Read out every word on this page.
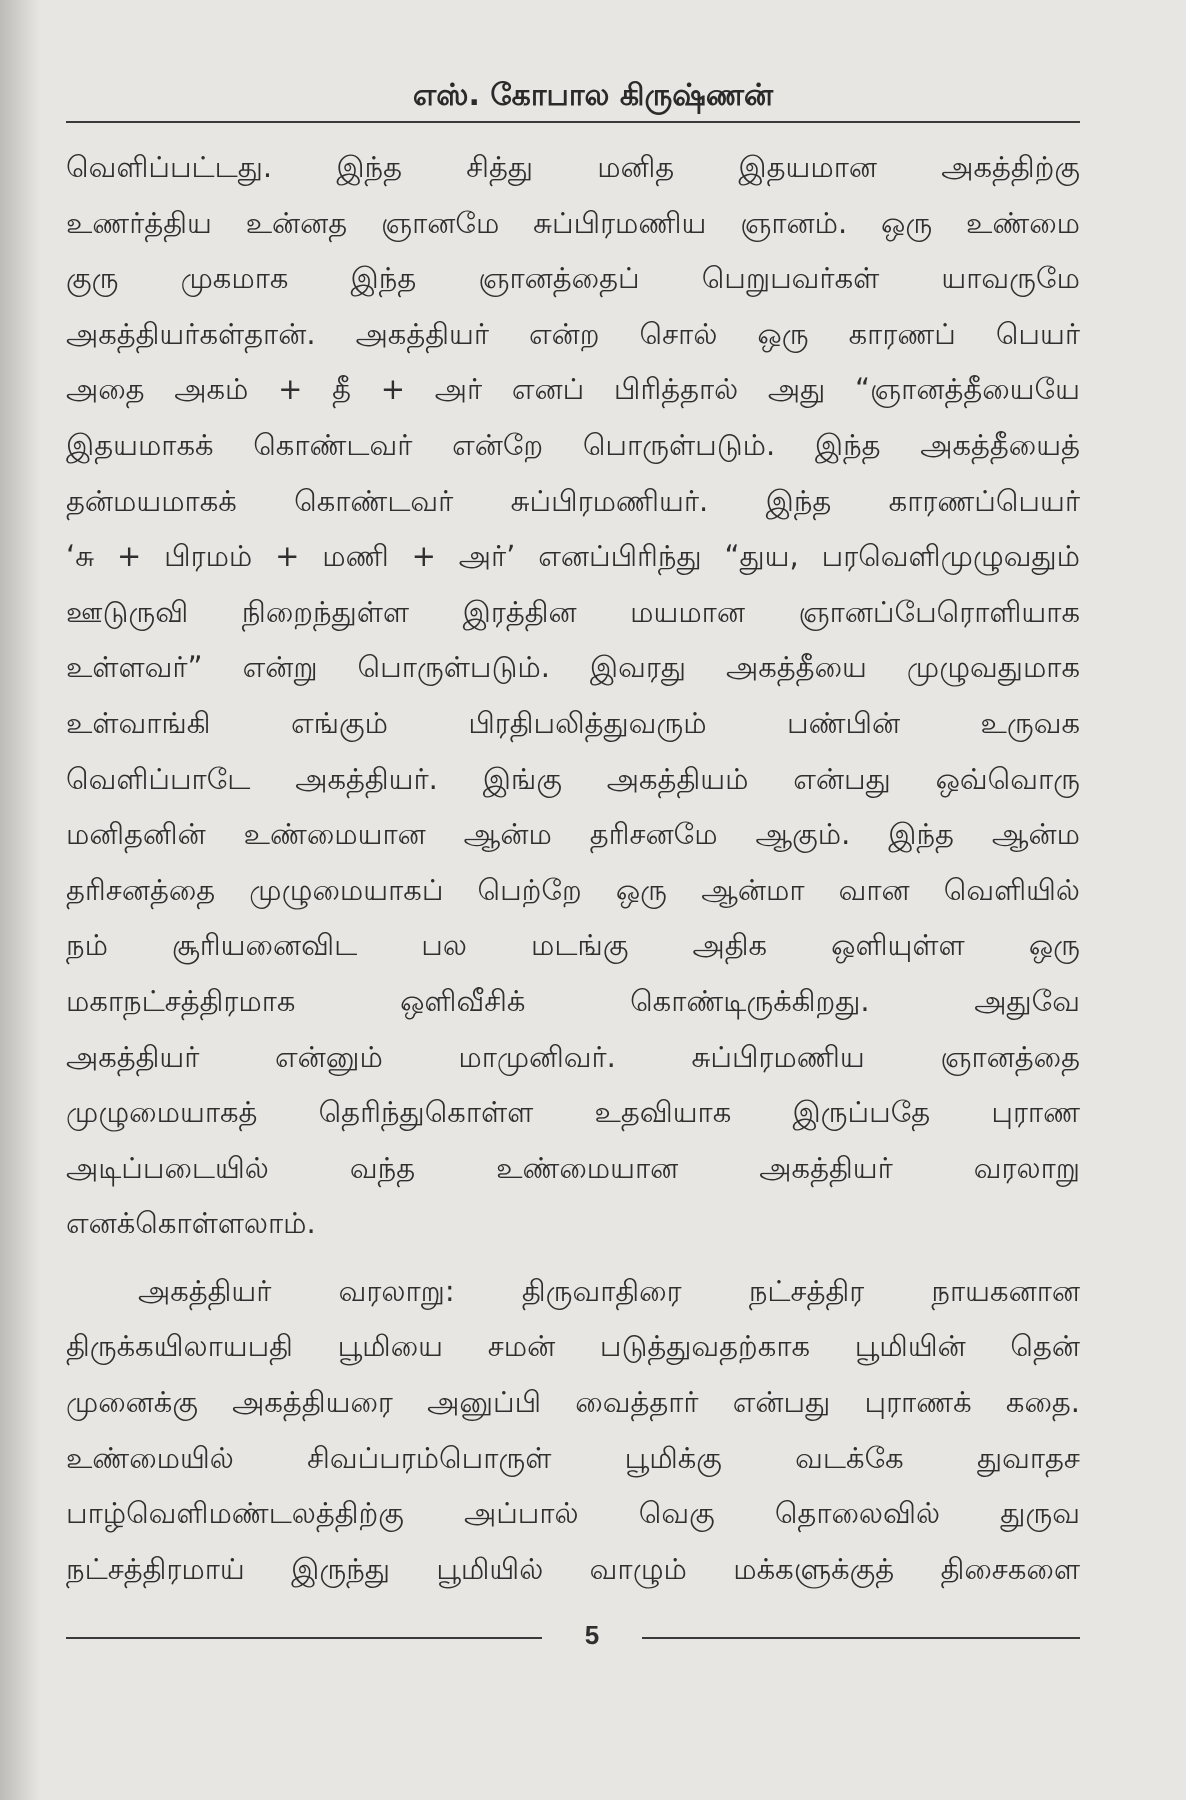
எஸ். கோபால கிருஷ்ணன்
வெளிப்பட்டது. இந்த சித்து மனித இதயமான அகத்திற்கு
உணர்த்திய உன்னத ஞானமே சுப்பிரமணிய ஞானம். ஒரு உண்மை
குரு முகமாக இந்த ஞானத்தைப் பெறுபவர்கள் யாவருமே
அகத்தியர்கள்தான். அகத்தியர் என்ற சொல் ஒரு காரணப் பெயர்
அதை அகம் + தீ + அர் எனப் பிரித்தால் அது “ஞானத்தீயையே
இதயமாகக் கொண்டவர் என்றே பொருள்படும். இந்த அகத்தீயைத்
தன்மயமாகக் கொண்டவர் சுப்பிரமணியர். இந்த காரணப்பெயர்
‘சு + பிரமம் + மணி + அர்’ எனப்பிரிந்து “துய, பரவெளிமுழுவதும்
ஊடுருவி நிறைந்துள்ள இரத்தின மயமான ஞானப்பேரொளியாக
உள்ளவர்” என்று பொருள்படும். இவரது அகத்தீயை முழுவதுமாக
உள்வாங்கி எங்கும் பிரதிபலித்துவரும் பண்பின் உருவக
வெளிப்பாடே அகத்தியர். இங்கு அகத்தியம் என்பது ஒவ்வொரு
மனிதனின் உண்மையான ஆன்ம தரிசனமே ஆகும். இந்த ஆன்ம
தரிசனத்தை முழுமையாகப் பெற்றே ஒரு ஆன்மா வான வெளியில்
நம் சூரியனைவிட பல மடங்கு அதிக ஒளியுள்ள ஒரு
மகாநட்சத்திரமாக ஒளிவீசிக் கொண்டிருக்கிறது. அதுவே
அகத்தியர் என்னும் மாமுனிவர். சுப்பிரமணிய ஞானத்தை
முழுமையாகத் தெரிந்துகொள்ள உதவியாக இருப்பதே புராண
அடிப்படையில் வந்த உண்மையான அகத்தியர் வரலாறு
எனக்கொள்ளலாம்.
அகத்தியர் வரலாறு: திருவாதிரை நட்சத்திர நாயகனான
திருக்கயிலாயபதி பூமியை சமன் படுத்துவதற்காக பூமியின் தென்
முனைக்கு அகத்தியரை அனுப்பி வைத்தார் என்பது புராணக் கதை.
உண்மையில் சிவப்பரம்பொருள் பூமிக்கு வடக்கே துவாதச
பாழ்வெளிமண்டலத்திற்கு அப்பால் வெகு தொலைவில் துருவ
நட்சத்திரமாய் இருந்து பூமியில் வாழும் மக்களுக்குத் திசைகளை
5
